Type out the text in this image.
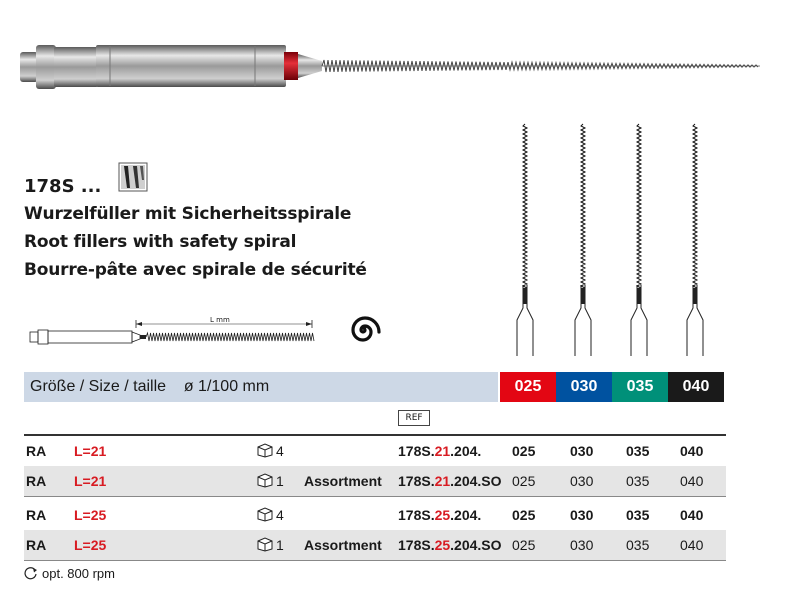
178S ...
Wurzelfüller mit Sicherheitsspirale
Root fillers with safety spiral
Bourre-pâte avec spirale de sécurité
L mm
Größe / Size / taille    ø 1/100 mm	025	030	035	040
REF
RA L=21	4	178S.21.204. 025 030 035 040
RA L=21	1 Assortment 178S.21.204.SO 025 030 035 040
RA L=25	4	178S.25.204. 025 030 035 040
RA L=25	1 Assortment 178S.25.204.SO 025 030 035 040
opt. 800 rpm
